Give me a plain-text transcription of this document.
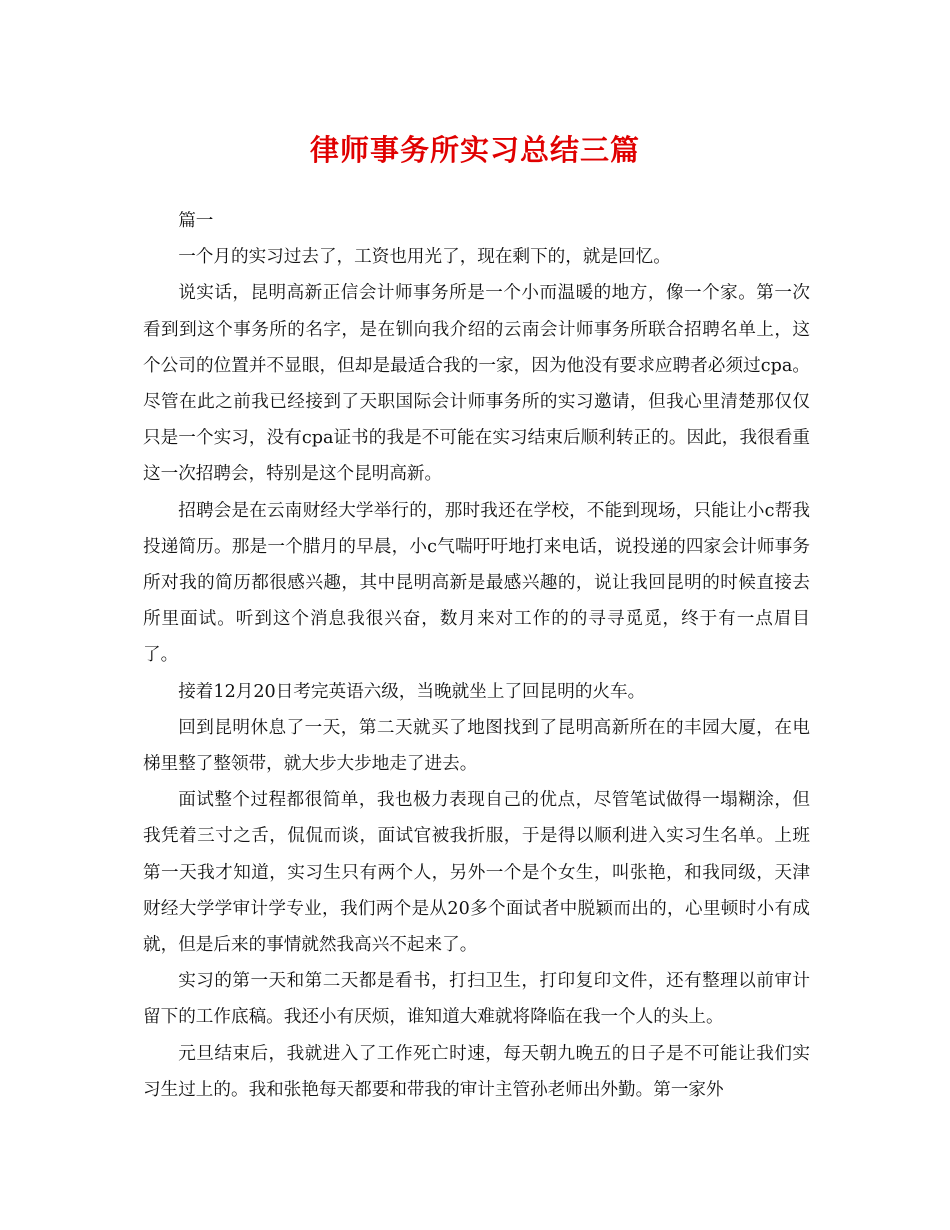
律师事务所实习总结三篇

篇一

一个月的实习过去了，工资也用光了，现在剩下的，就是回忆。

说实话，昆明高新正信会计师事务所是一个小而温暖的地方，像一个家。第一次看到到这个事务所的名字，是在钏向我介绍的云南会计师事务所联合招聘名单上，这个公司的位置并不显眼，但却是最适合我的一家，因为他没有要求应聘者必须过cpa。尽管在此之前我已经接到了天职国际会计师事务所的实习邀请，但我心里清楚那仅仅只是一个实习，没有cpa证书的我是不可能在实习结束后顺利转正的。因此，我很看重这一次招聘会，特别是这个昆明高新。

招聘会是在云南财经大学举行的，那时我还在学校，不能到现场，只能让小c帮我投递简历。那是一个腊月的早晨，小c气喘吁吁地打来电话，说投递的四家会计师事务所对我的简历都很感兴趣，其中昆明高新是最感兴趣的，说让我回昆明的时候直接去所里面试。听到这个消息我很兴奋，数月来对工作的的寻寻觅觅，终于有一点眉目了。

接着12月20日考完英语六级，当晚就坐上了回昆明的火车。

回到昆明休息了一天，第二天就买了地图找到了昆明高新所在的丰园大厦，在电梯里整了整领带，就大步大步地走了进去。

面试整个过程都很简单，我也极力表现自己的优点，尽管笔试做得一塌糊涂，但我凭着三寸之舌，侃侃而谈，面试官被我折服，于是得以顺利进入实习生名单。上班第一天我才知道，实习生只有两个人，另外一个是个女生，叫张艳，和我同级，天津财经大学学审计学专业，我们两个是从20多个面试者中脱颖而出的，心里顿时小有成就，但是后来的事情就然我高兴不起来了。

实习的第一天和第二天都是看书，打扫卫生，打印复印文件，还有整理以前审计留下的工作底稿。我还小有厌烦，谁知道大难就将降临在我一个人的头上。

元旦结束后，我就进入了工作死亡时速，每天朝九晚五的日子是不可能让我们实习生过上的。我和张艳每天都要和带我的审计主管孙老师出外勤。第一家外
